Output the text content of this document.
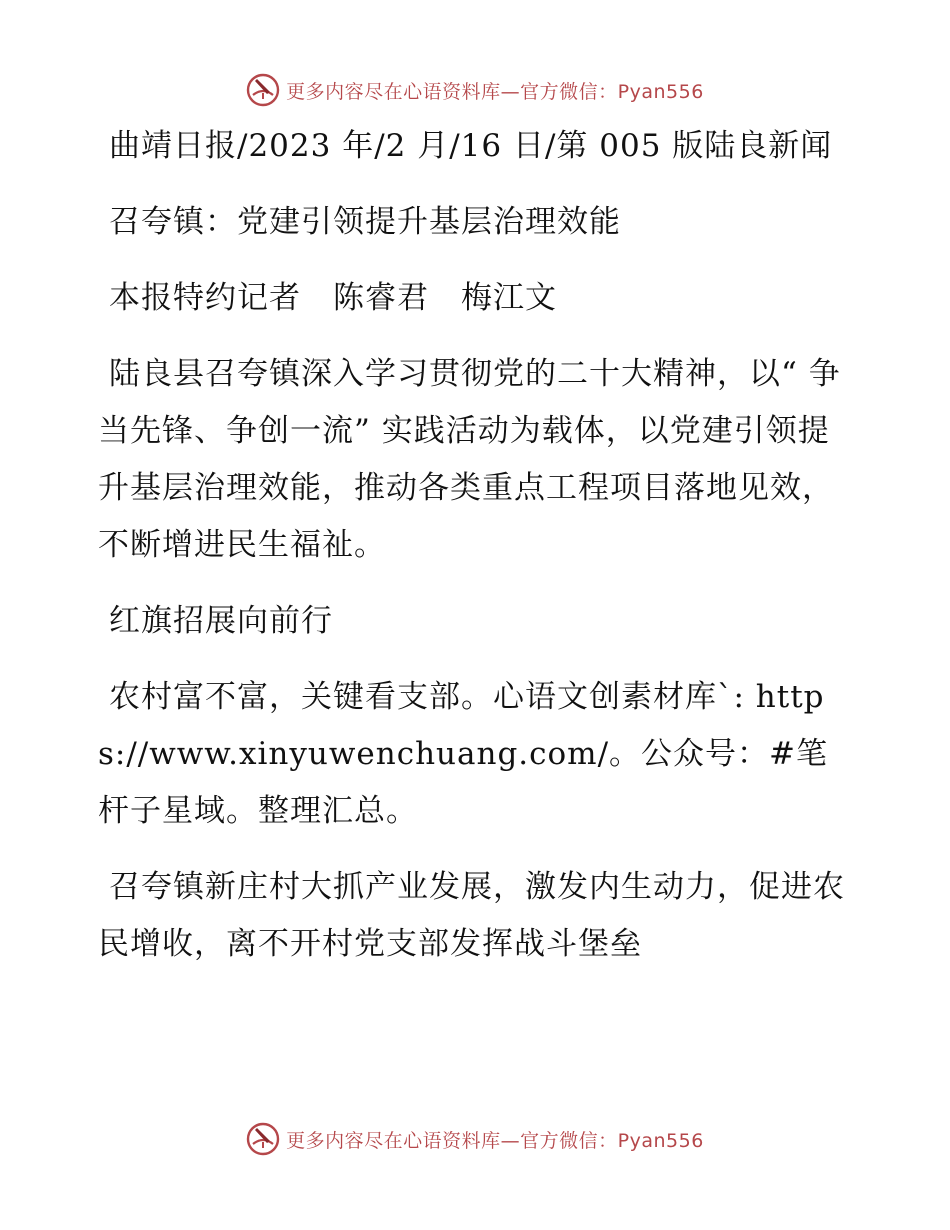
更多内容尽在心语资料库—官方微信：Pyan556

曲靖日报/2023 年/2 月/16 日/第 005 版陆良新闻

召夸镇：党建引领提升基层治理效能

本报特约记者　陈睿君　梅江文

陆良县召夸镇深入学习贯彻党的二十大精神，以“ 争当先锋、争创一流” 实践活动为载体，以党建引领提升基层治理效能，推动各类重点工程项目落地见效，不断增进民生福祉。

红旗招展向前行

农村富不富，关键看支部。心语文创素材库`: https://www.xinyuwenchuang.com/。公众号：#笔杆子星域。整理汇总。

召夸镇新庄村大抓产业发展，激发内生动力，促进农民增收，离不开村党支部发挥战斗堡垒

更多内容尽在心语资料库—官方微信：Pyan556
